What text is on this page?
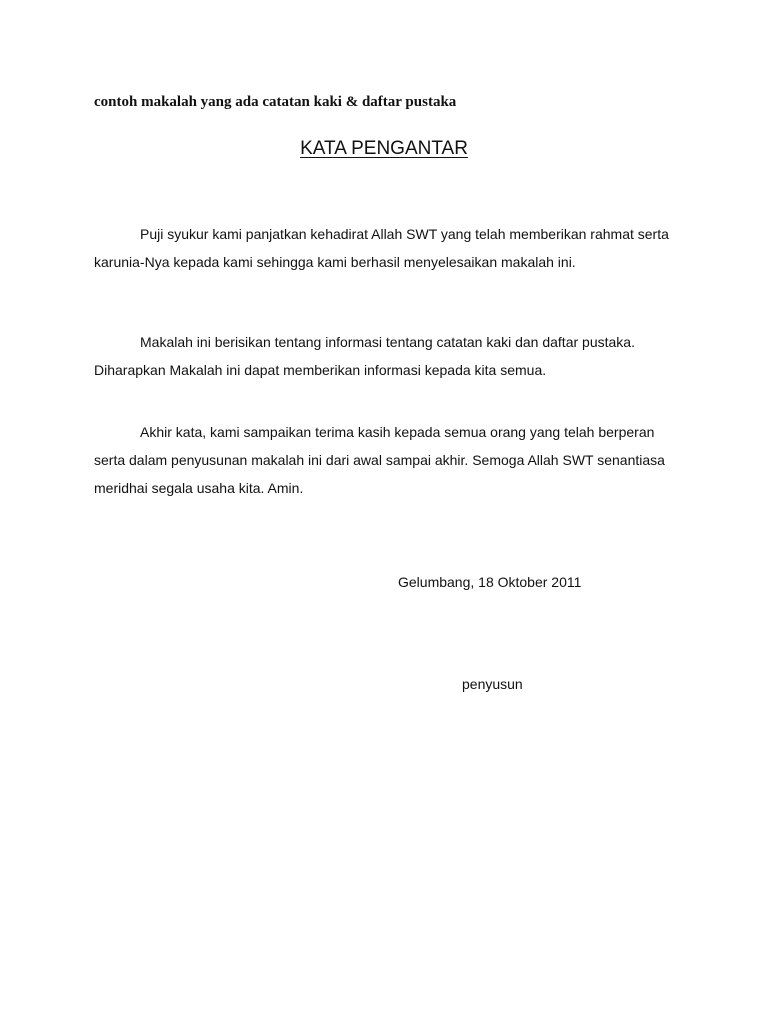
contoh makalah yang ada catatan kaki & daftar pustaka
KATA PENGANTAR

Puji syukur kami panjatkan kehadirat Allah SWT yang telah memberikan rahmat serta karunia-Nya kepada kami sehingga kami berhasil menyelesaikan makalah ini.

Makalah ini berisikan tentang informasi tentang catatan kaki dan daftar pustaka. Diharapkan Makalah ini dapat memberikan informasi kepada kita semua.

Akhir kata, kami sampaikan terima kasih kepada semua orang yang telah berperan serta dalam penyusunan makalah ini dari awal sampai akhir. Semoga Allah SWT senantiasa meridhai segala usaha kita. Amin.

Gelumbang, 18 Oktober 2011
penyusun
